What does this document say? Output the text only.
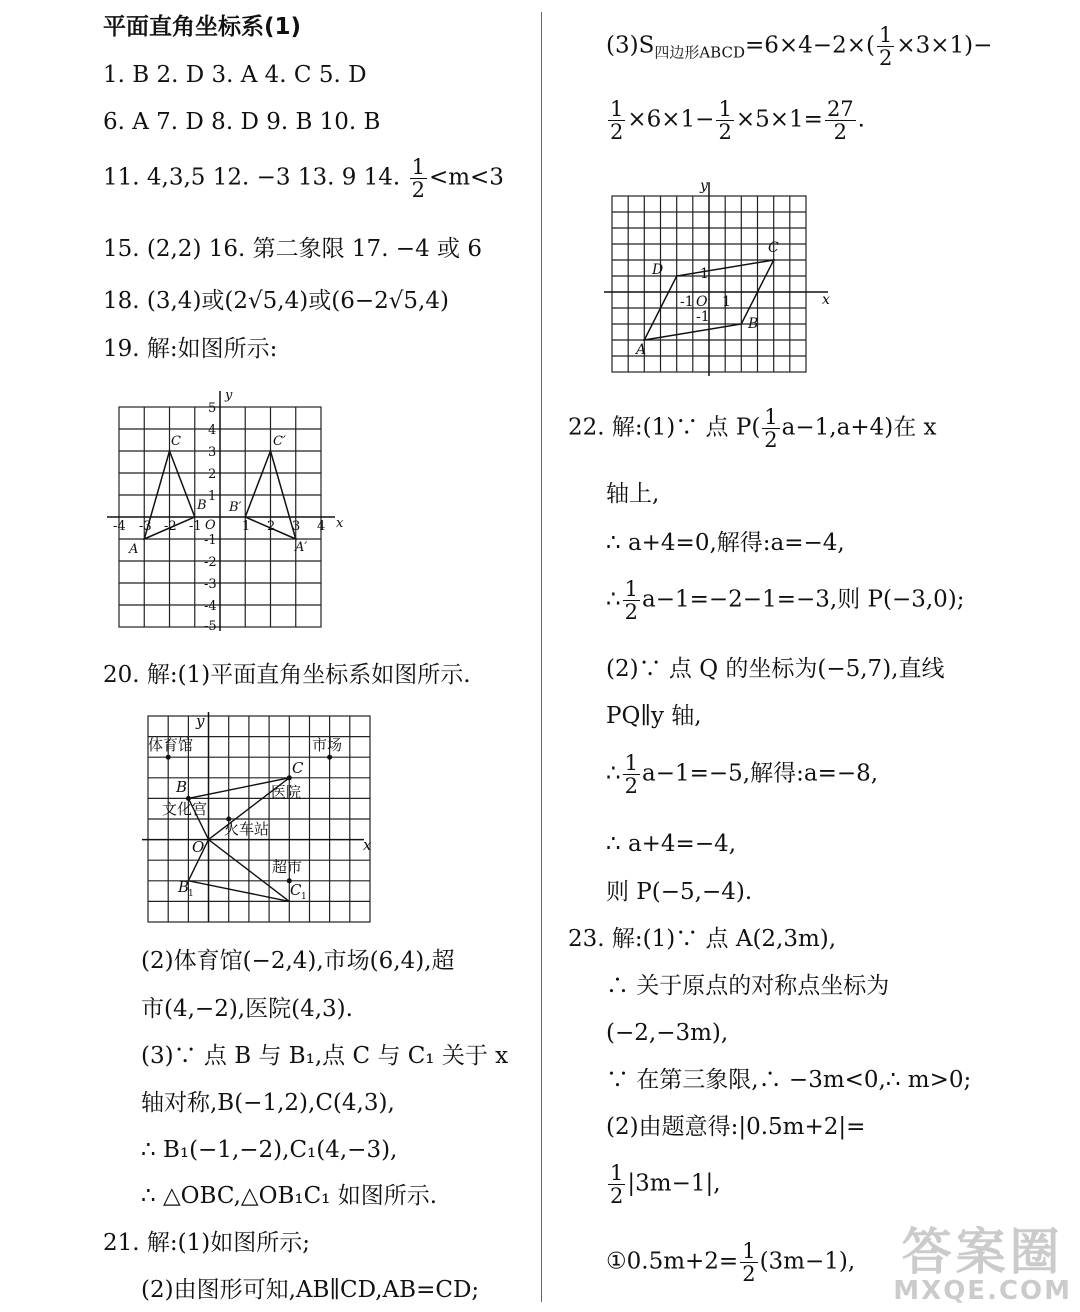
平面直角坐标系(1)
1. B 2. D 3. A 4. C 5. D
6. A 7. D 8. D 9. B 10. B
11. 4,3,5 12. −3 13. 9 14. $\frac{1}{2} <m<3$
15. (2,2) 16. 第二象限 17. −4 或 6
18. (3,4)或(2√5,4)或(6−2√5,4)
19. 解:如图所示:
x
y
O
-4 -3 -2 -1	1 2 3 4
5
4
3
2
1
-1
-2
-3
-4
-5
A
B
C
A′
B′
C′
20. 解:(1)平面直角坐标系如图所示.
x
y
O
体育馆	市场
医院
文化宫
火车站
超市
B
C
B
1	C 1
(2)体育馆(−2,4),市场(6,4),超
市(4,−2),医院(4,3).
(3)∵ 点 B 与 B₁,点 C 与 C₁ 关于 x
轴对称,B(−1,2),C(4,3),
∴ B₁(−1,−2),C₁(4,−3),
∴ △OBC,△OB₁C₁ 如图所示.
21. 解:(1)如图所示;
(2)由图形可知,AB∥CD,AB=CD;
$(3)S_{四边形ABCD}=6\times 4-2\times( \frac{1}{2} \times 3\times 1)-$
$\frac{1}{2} \times 6\times 1- \frac{1}{2} \times 5\times 1= \frac{27}{2}$ .
x
y
O
-1 1
1
-1
A
B
C
D
22. 解:(1)∵ 点 $P( \frac{1}{2} a-1,a+4)$在 x
轴上,
∴ a+4=0,解得:a=−4,
∴ $\frac{1}{2} a-1=-2-1=-3$,则 P(−3,0);
(2)∵ 点 Q 的坐标为(−5,7),直线
PQ∥y 轴,
∴ $\frac{1}{2} a-1=-5$,解得:a=−8,
∴ a+4=−4,
则 P(−5,−4).
23. 解:(1)∵ 点 A(2,3m),
∴ 关于原点的对称点坐标为
(−2,−3m),
∵ 在第三象限,∴ −3m<0,∴ m>0;
(2)由题意得:|0.5m+2|=
$\frac{1}{2} |3m-1|$,
①0.5m+2= $\frac{1}{2} (3m-1)$, 答案圈
MXQE.COM
